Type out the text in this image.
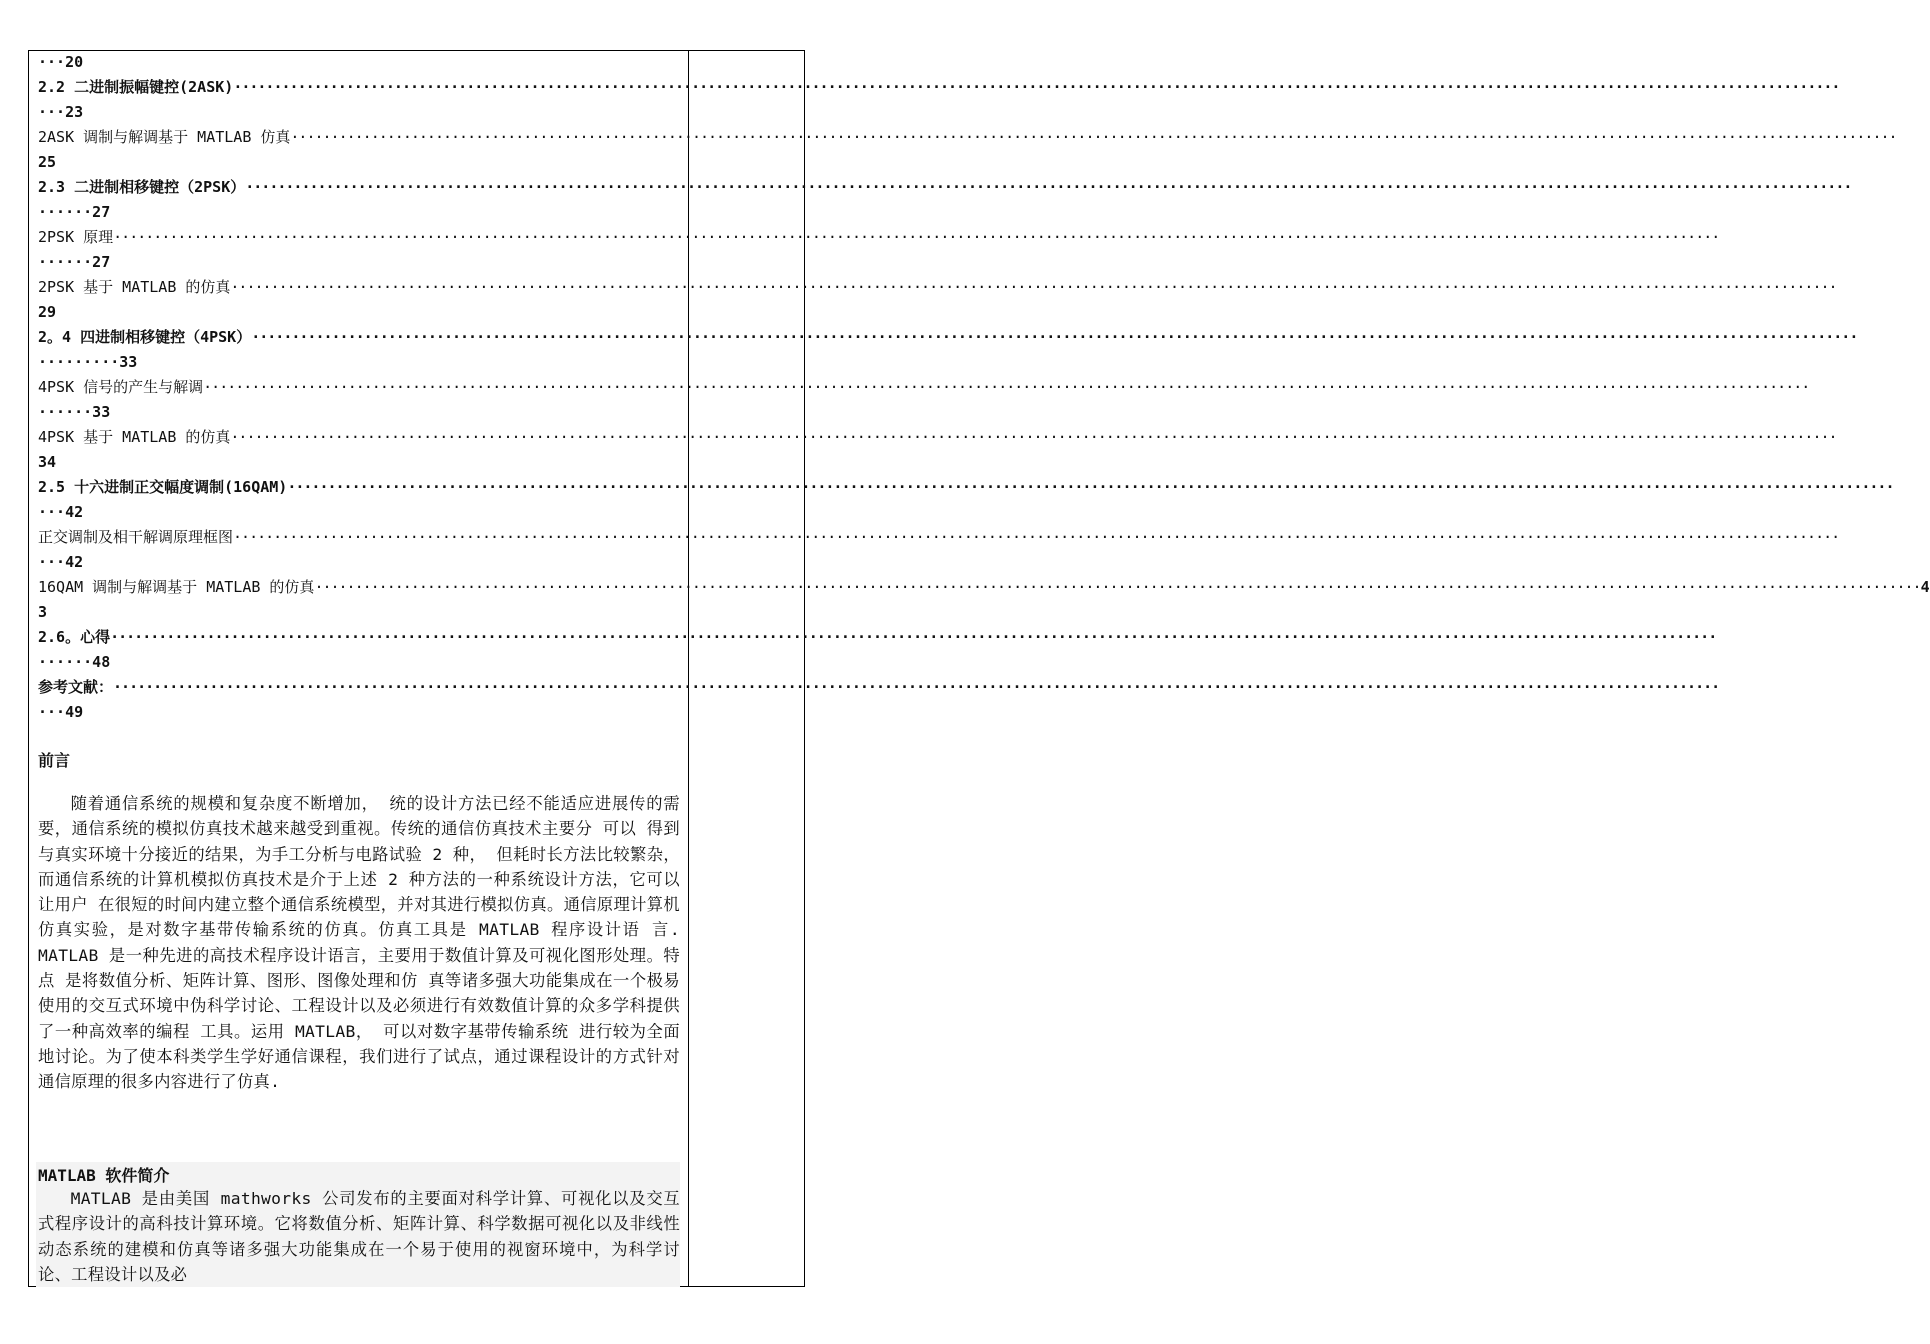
···20
2.2 二进制振幅键控(2ASK) ········································································································································································································
···23
2ASK 调制与解调基于 MATLAB 仿真 ········································································································································································································
25
2.3 二进制相移键控（2PSK） ········································································································································································································
······27
2PSK 原理 ········································································································································································································
······27
2PSK 基于 MATLAB 的仿真 ········································································································································································································
29
2。4 四进制相移键控（4PSK） ········································································································································································································
·········33
4PSK 信号的产生与解调 ········································································································································································································
······33
4PSK 基于 MATLAB 的仿真 ········································································································································································································
34
2.5 十六进制正交幅度调制(16QAM) ········································································································································································································
···42
正交调制及相干解调原理框图 ········································································································································································································
···42
16QAM 调制与解调基于 MATLAB 的仿真 ········································································································································································································ 4
3
2.6。心得 ········································································································································································································
······48
参考文献： ········································································································································································································
···49
前言
随着通信系统的规模和复杂度不断增加， 统的设计方法已经不能适应进展传的需要，通信系统的模拟仿真技术越来越受到重视。传统的通信仿真技术主要分 可以 得到与真实环境十分接近的结果，为手工分析与电路试验 2 种， 但耗时长方法比较繁杂，而通信系统的计算机模拟仿真技术是介于上述 2 种方法的一种系统设计方法，它可以让用户 在很短的时间内建立整个通信系统模型，并对其进行模拟仿真。通信原理计算机仿真实验，是对数字基带传输系统的仿真。仿真工具是 MATLAB 程序设计语 言. MATLAB 是一种先进的高技术程序设计语言，主要用于数值计算及可视化图形处理。特点 是将数值分析、矩阵计算、图形、图像处理和仿 真等诸多强大功能集成在一个极易使用的交互式环境中伪科学讨论、工程设计以及必须进行有效数值计算的众多学科提供了一种高效率的编程 工具。运用 MATLAB， 可以对数字基带传输系统 进行较为全面地讨论。为了使本科类学生学好通信课程，我们进行了试点，通过课程设计的方式针对通信原理的很多内容进行了仿真.
MATLAB 软件简介
MATLAB 是由美国 mathworks 公司发布的主要面对科学计算、可视化以及交互式程序设计的高科技计算环境。它将数值分析、矩阵计算、科学数据可视化以及非线性动态系统的建模和仿真等诸多强大功能集成在一个易于使用的视窗环境中，为科学讨论、工程设计以及必
